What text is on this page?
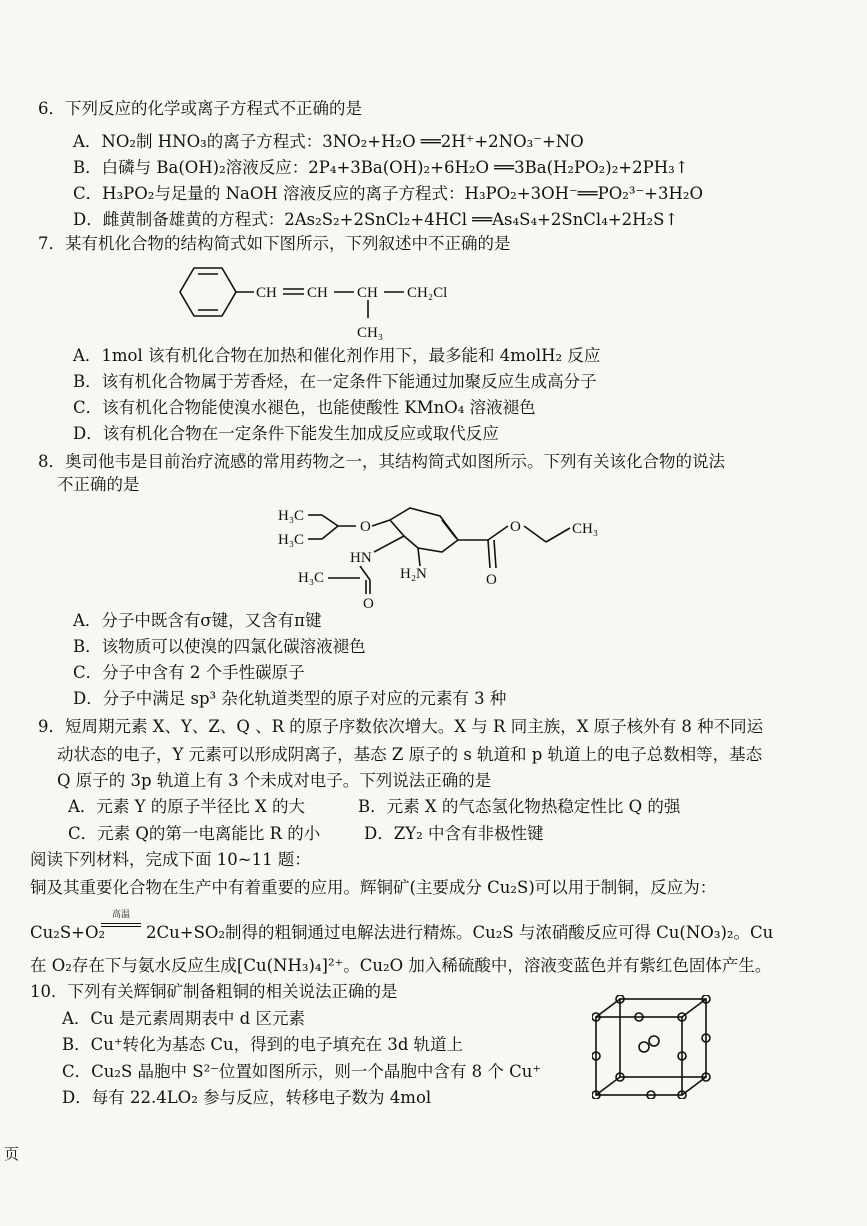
6．下列反应的化学或离子方程式不正确的是
A．NO₂制 HNO₃的离子方程式：3NO₂+H₂O ══2H⁺+2NO₃⁻+NO
B．白磷与 Ba(OH)₂溶液反应：2P₄+3Ba(OH)₂+6H₂O ══3Ba(H₂PO₂)₂+2PH₃↑
C．H₃PO₂与足量的 NaOH 溶液反应的离子方程式：H₃PO₂+3OH⁻══PO₂³⁻+3H₂O
D．雌黄制备雄黄的方程式：2As₂S₂+2SnCl₂+4HCl ══As₄S₄+2SnCl₄+2H₂S↑
7．某有机化合物的结构简式如下图所示，下列叙述中不正确的是
CH CH CH CH₂Cl
CH₃
A．1mol 该有机化合物在加热和催化剂作用下，最多能和 4molH₂ 反应
B．该有机化合物属于芳香烃，在一定条件下能通过加聚反应生成高分子
C．该有机化合物能使溴水褪色，也能使酸性 KMnO₄ 溶液褪色
D．该有机化合物在一定条件下能发生加成反应或取代反应
8．奥司他韦是目前治疗流感的常用药物之一，其结构简式如图所示。下列有关该化合物的说法
不正确的是
H₃C
H₃C
O
HN
H₃C
O
H₂N	O
O	CH₃
A．分子中既含有σ键，又含有π键
B．该物质可以使溴的四氯化碳溶液褪色
C．分子中含有 2 个手性碳原子
D．分子中满足 sp³ 杂化轨道类型的原子对应的元素有 3 种
9．短周期元素 X、Y、Z、Q 、R 的原子序数依次增大。X 与 R 同主族，X 原子核外有 8 种不同运
动状态的电子，Y 元素可以形成阴离子，基态 Z 原子的 s 轨道和 p 轨道上的电子总数相等，基态
Q 原子的 3p 轨道上有 3 个未成对电子。下列说法正确的是
A．元素 Y 的原子半径比 X 的大	B．元素 X 的气态氢化物热稳定性比 Q 的强
C．元素 Q的第一电离能比 R 的小	D．ZY₂ 中含有非极性键
阅读下列材料，完成下面 10~11 题：
铜及其重要化合物在生产中有着重要的应用。辉铜矿(主要成分 Cu₂S)可以用于制铜，反应为：
Cu₂S+O₂
高温
2Cu+SO₂制得的粗铜通过电解法进行精炼。Cu₂S 与浓硝酸反应可得 Cu(NO₃)₂。Cu
在 O₂存在下与氨水反应生成[Cu(NH₃)₄]²⁺。Cu₂O 加入稀硫酸中，溶液变蓝色并有紫红色固体产生。
10．下列有关辉铜矿制备粗铜的相关说法正确的是
A．Cu 是元素周期表中 d 区元素
B．Cu⁺转化为基态 Cu，得到的电子填充在 3d 轨道上
C．Cu₂S 晶胞中 S²⁻位置如图所示，则一个晶胞中含有 8 个 Cu⁺
D．每有 22.4LO₂ 参与反应，转移电子数为 4mol
页
